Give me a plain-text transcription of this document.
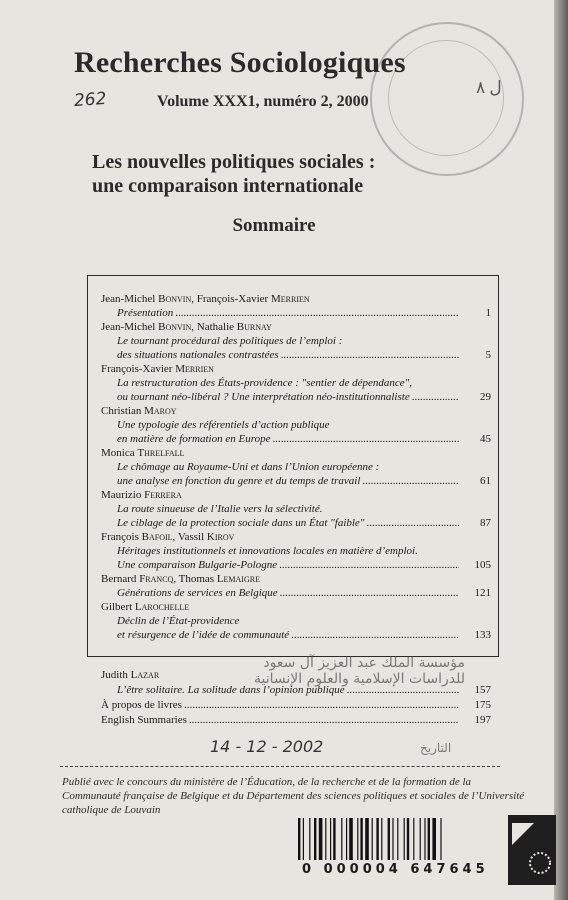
ل ٨
Recherches Sociologiques
262	Volume XXX1, numéro 2, 2000
Les nouvelles politiques sociales :
une comparaison internationale
Sommaire
Jean-Michel Bonvin, François-Xavier Merrien
Présentation .....	1
Jean-Michel Bonvin, Nathalie Burnay
Le tournant procédural des politiques de l’emploi :
des situations nationales contrastées .....	5
François-Xavier Merrien
La restructuration des États-providence : "sentier de dépendance",
ou tournant néo-libéral ? Une interprétation néo-institutionnaliste .....	29
Christian Maroy
Une typologie des référentiels d’action publique
en matière de formation en Europe .....	45
Monica Threlfall
Le chômage au Royaume-Uni et dans l’Union européenne :
une analyse en fonction du genre et du temps de travail .....	61
Maurizio Ferrera
La route sinueuse de l’Italie vers la sélectivité.
Le ciblage de la protection sociale dans un État "faible" .....	87
François Bafoil, Vassil Kirov
Héritages institutionnels et innovations locales en matière d’emploi.
Une comparaison Bulgarie-Pologne .....	105
Bernard Francq, Thomas Lemaigre
Générations de services en Belgique .....	121
Gilbert Larochelle
Déclin de l’État-providence
et résurgence de l’idée de communauté .....	133
Judith Lazar
L’être solitaire. La solitude dans l’opinion publique .....	157
À propos de livres .....	175
English Summaries .....	197
مؤسسة الملك عبد العزيز آل سعود
للدراسات الإسلامية والعلوم الإنسانية
14 - 12 - 2002	التاريخ
Publié avec le concours du ministère de l’Éducation, de la recherche et de la formation de la Communauté française de Belgique et du Département des sciences politiques et sociales de l’Université catholique de Louvain
0 000004 647645
